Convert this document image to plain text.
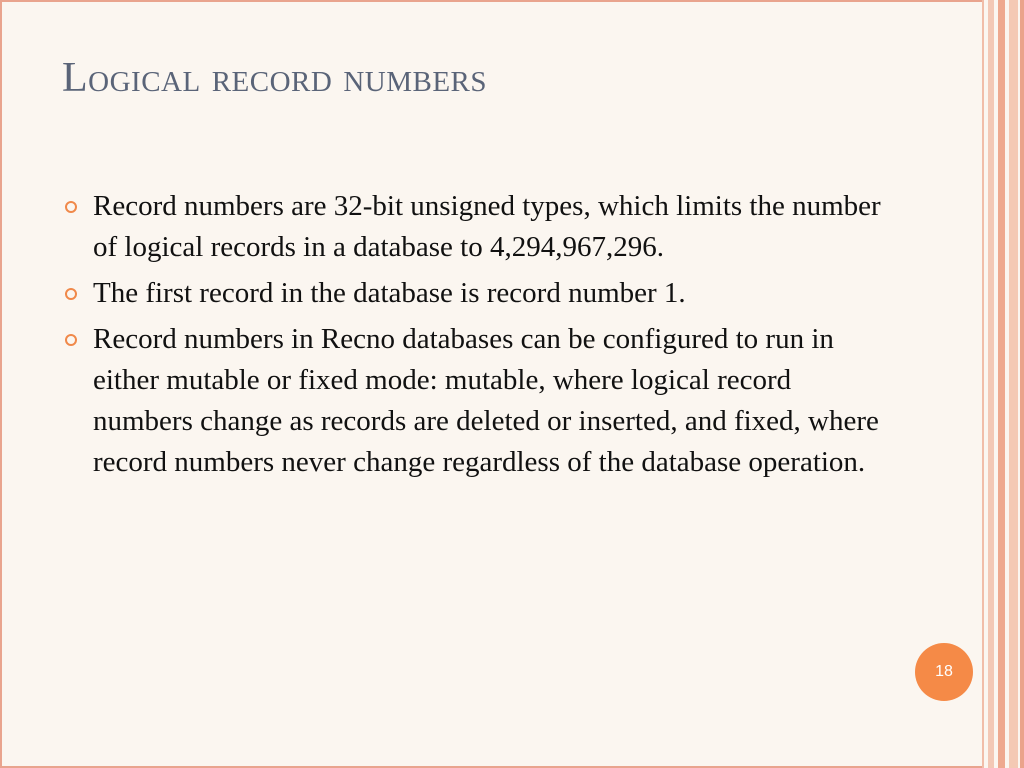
Logical record numbers
Record numbers are 32-bit unsigned types, which limits the number of logical records in a database to 4,294,967,296.
The first record in the database is record number 1.
Record numbers in Recno databases can be configured to run in either mutable or fixed mode: mutable, where logical record numbers change as records are deleted or inserted, and fixed, where record numbers never change regardless of the database operation.
18
